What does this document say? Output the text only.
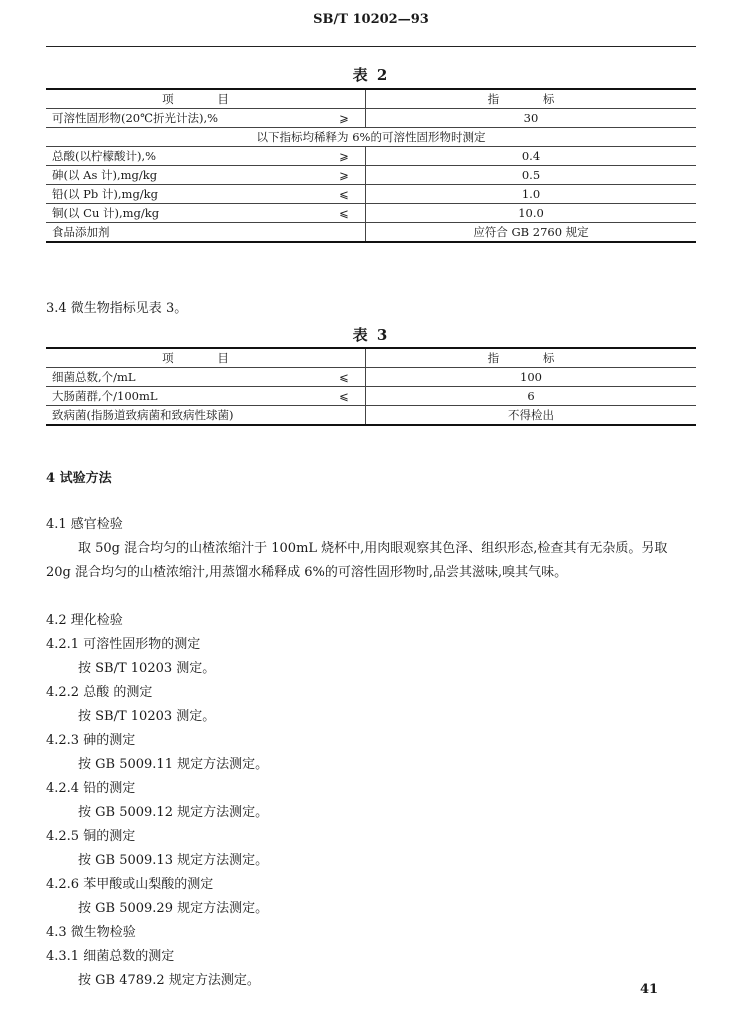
SB/T 10202—93
表 2
项 目		指 标
可溶性固形物(20℃折光计法),%	⩾	30
以下指标均稀释为 6%的可溶性固形物时测定		
总酸(以柠檬酸计),%	⩾	0.4
砷(以 As 计),mg/kg	⩾	0.5
铅(以 Pb 计),mg/kg	⩽	1.0
铜(以 Cu 计),mg/kg	⩽	10.0
食品添加剂		应符合 GB 2760 规定
3.4 微生物指标见表 3。
表 3
项 目		指 标
细菌总数,个/mL	⩽	100
大肠菌群,个/100mL	⩽	6
致病菌(指肠道致病菌和致病性球菌)		不得检出
4 试验方法
4.1 感官检验
取 50g 混合均匀的山楂浓缩汁于 100mL 烧杯中,用肉眼观察其色泽、组织形态,检查其有无杂质。另取 20g 混合均匀的山楂浓缩汁,用蒸馏水稀释成 6%的可溶性固形物时,品尝其滋味,嗅其气味。
4.2 理化检验
4.2.1 可溶性固形物的测定
按 SB/T 10203 测定。
4.2.2 总酸 的测定
按 SB/T 10203 测定。
4.2.3 砷的测定
按 GB 5009.11 规定方法测定。
4.2.4 铅的测定
按 GB 5009.12 规定方法测定。
4.2.5 铜的测定
按 GB 5009.13 规定方法测定。
4.2.6 苯甲酸或山梨酸的测定
按 GB 5009.29 规定方法测定。
4.3 微生物检验
4.3.1 细菌总数的测定
按 GB 4789.2 规定方法测定。
41
